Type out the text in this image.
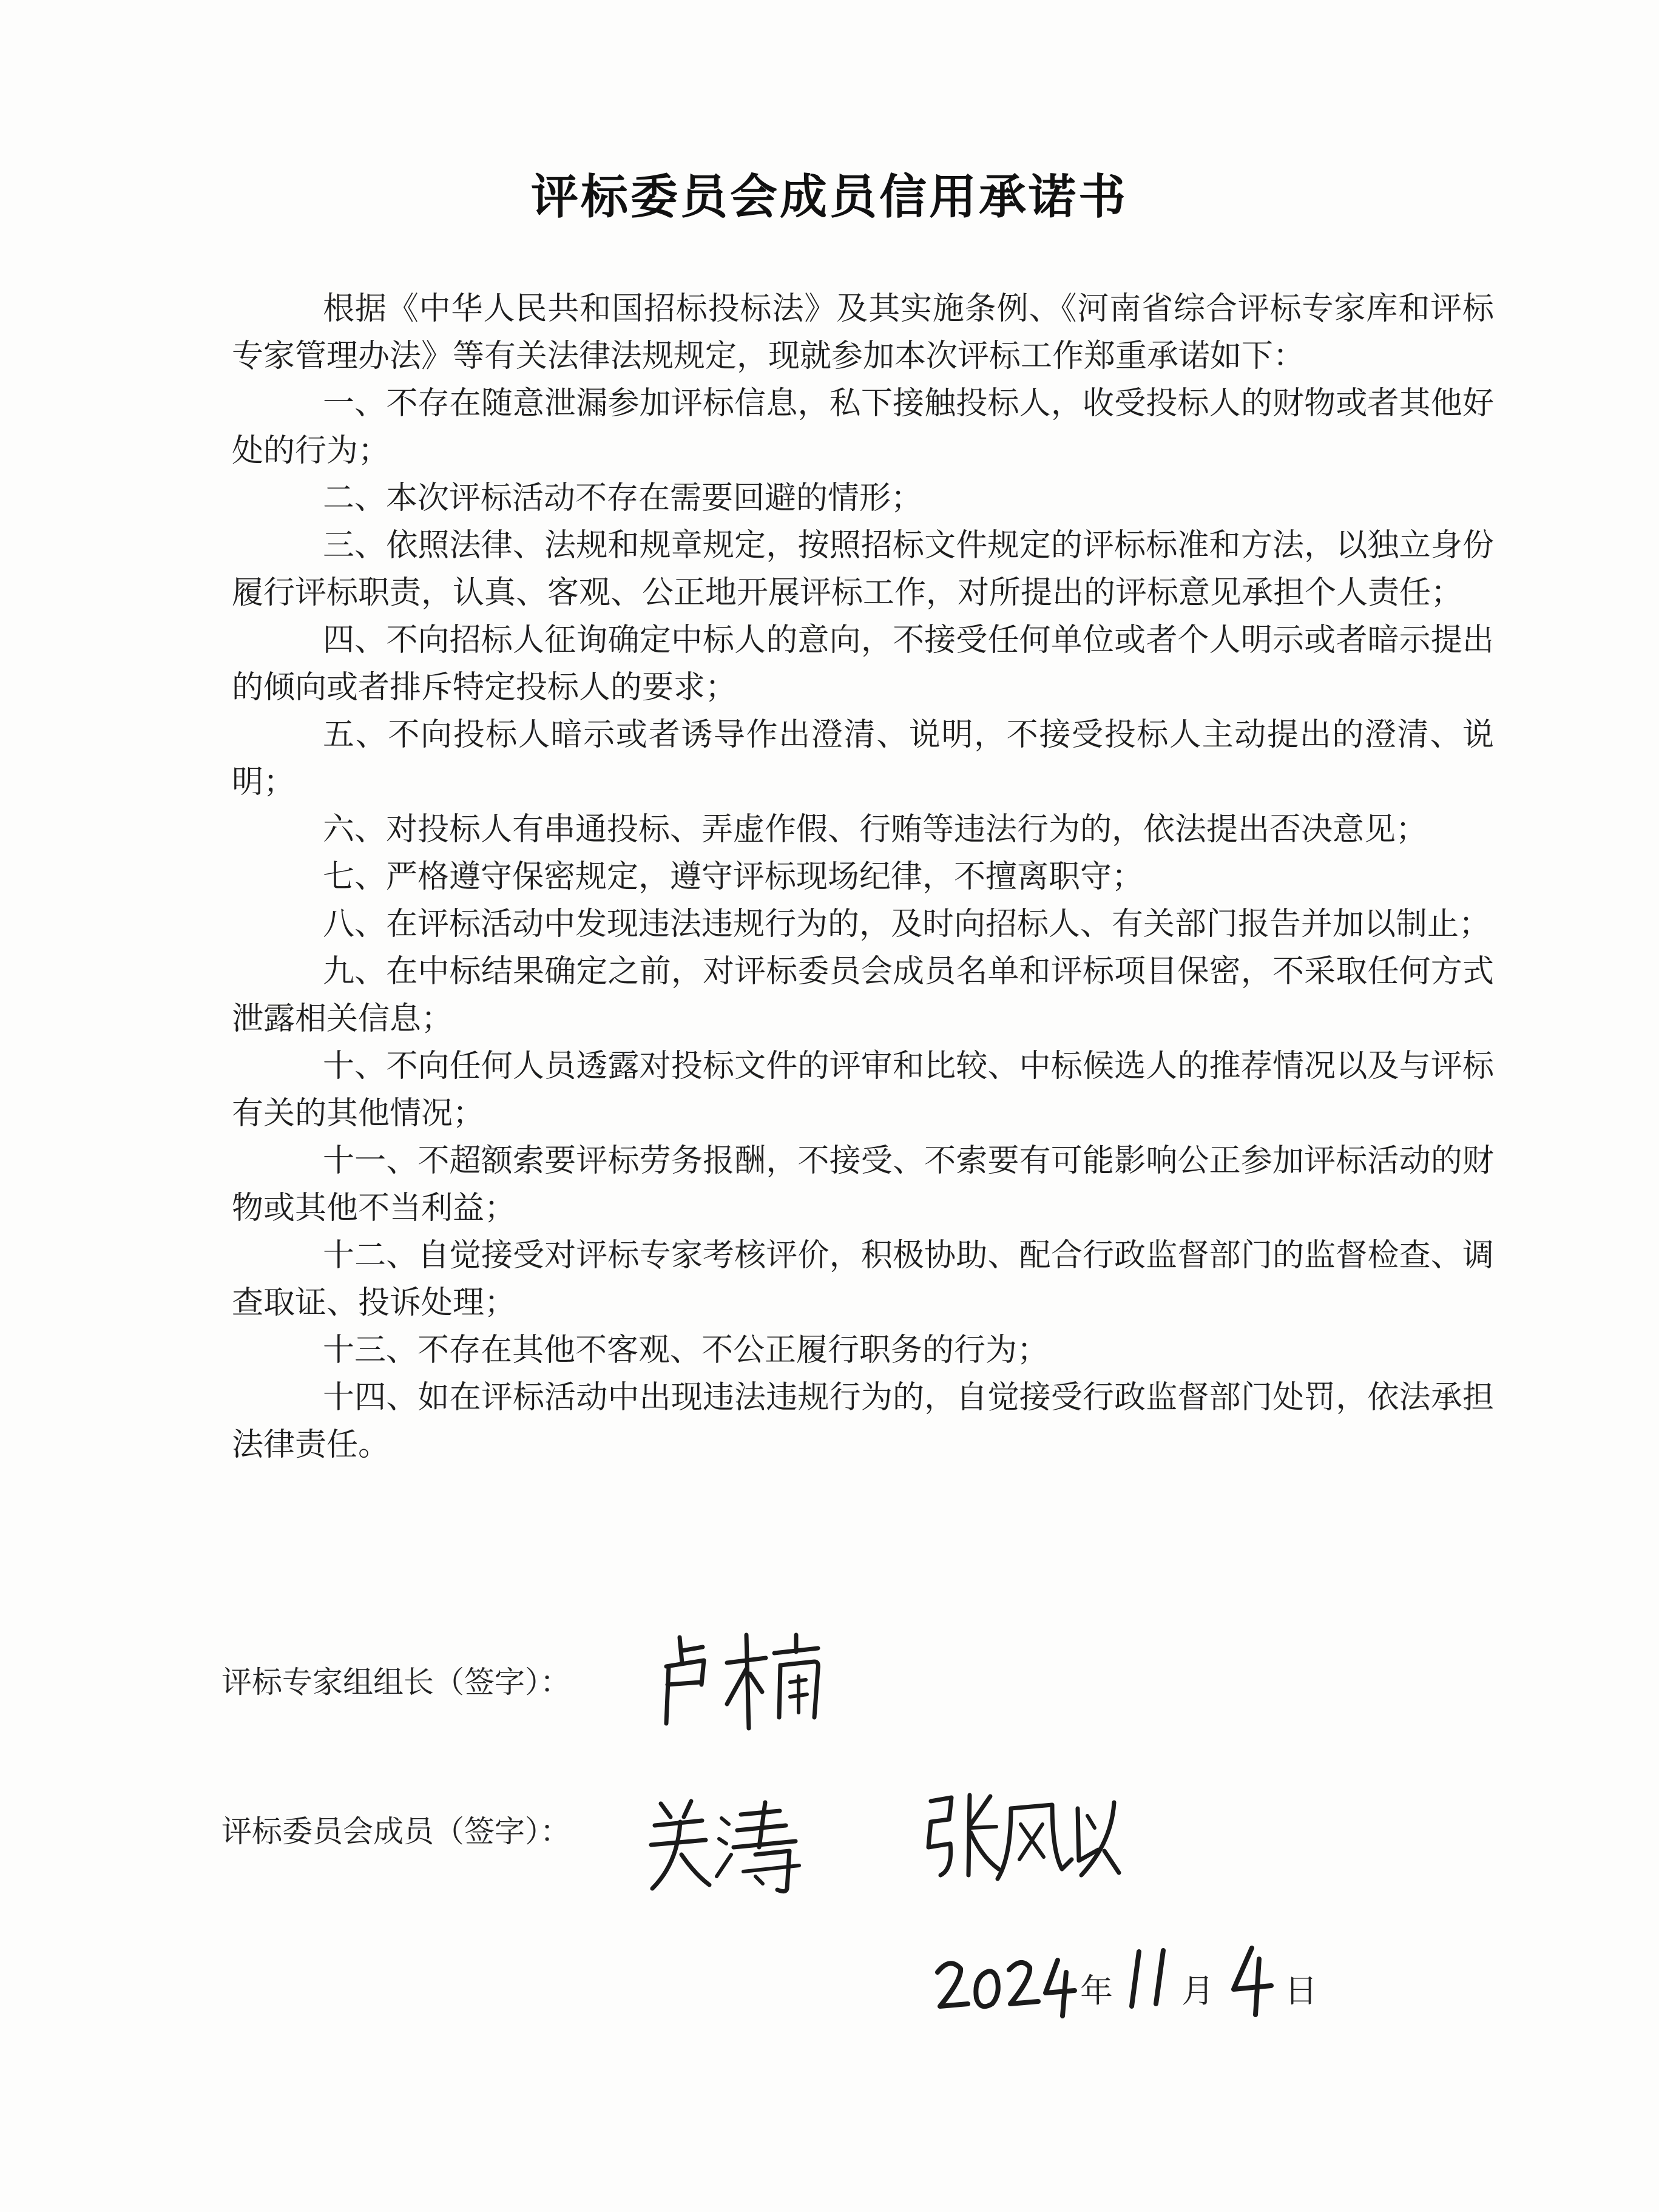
评标委员会成员信用承诺书

根据《中华人民共和国招标投标法》及其实施条例、《河南省综合评标专家库和评标专家管理办法》等有关法律法规规定，现就参加本次评标工作郑重承诺如下：

一、不存在随意泄漏参加评标信息，私下接触投标人，收受投标人的财物或者其他好处的行为；

二、本次评标活动不存在需要回避的情形；

三、依照法律、法规和规章规定，按照招标文件规定的评标标准和方法，以独立身份履行评标职责，认真、客观、公正地开展评标工作，对所提出的评标意见承担个人责任；

四、不向招标人征询确定中标人的意向，不接受任何单位或者个人明示或者暗示提出的倾向或者排斥特定投标人的要求；

五、不向投标人暗示或者诱导作出澄清、说明，不接受投标人主动提出的澄清、说明；

六、对投标人有串通投标、弄虚作假、行贿等违法行为的，依法提出否决意见；

七、严格遵守保密规定，遵守评标现场纪律，不擅离职守；

八、在评标活动中发现违法违规行为的，及时向招标人、有关部门报告并加以制止；

九、在中标结果确定之前，对评标委员会成员名单和评标项目保密，不采取任何方式泄露相关信息；

十、不向任何人员透露对投标文件的评审和比较、中标候选人的推荐情况以及与评标有关的其他情况；

十一、不超额索要评标劳务报酬，不接受、不索要有可能影响公正参加评标活动的财物或其他不当利益；

十二、自觉接受对评标专家考核评价，积极协助、配合行政监督部门的监督检查、调查取证、投诉处理；

十三、不存在其他不客观、不公正履行职务的行为；

十四、如在评标活动中出现违法违规行为的，自觉接受行政监督部门处罚，依法承担法律责任。

评标专家组组长（签字）：
评标委员会成员（签字）：
年 月 日
